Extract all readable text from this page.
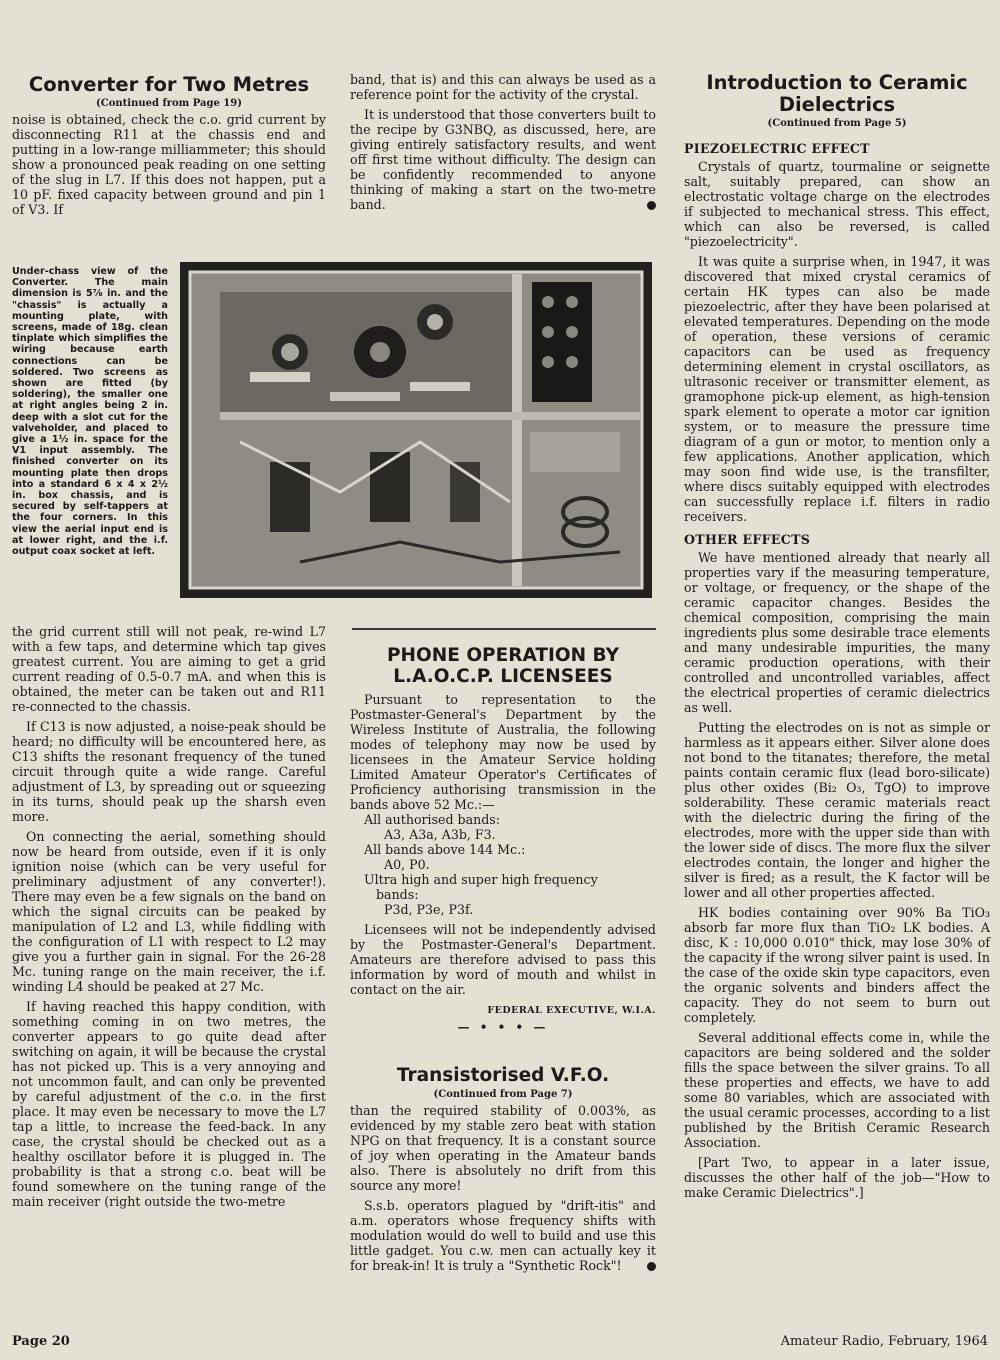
Converter for Two Metres

(Continued from Page 19)

noise is obtained, check the c.o. grid current by disconnecting R11 at the chassis end and putting in a low-range milliammeter; this should show a pronounced peak reading on one setting of the slug in L7. If this does not happen, put a 10 pF. fixed capacity between ground and pin 1 of V3. If

Under-chass view of the Converter. The main dimension is 5⅞ in. and the "chassis" is actually a mounting plate, with screens, made of 18g. clean tinplate which simplifies the wiring because earth connections can be soldered. Two screens as shown are fitted (by soldering), the smaller one at right angles being 2 in. deep with a slot cut for the valveholder, and placed to give a 1½ in. space for the V1 input assembly. The finished converter on its mounting plate then drops into a standard 6 x 4 x 2½ in. box chassis, and is secured by self-tappers at the four corners. In this view the aerial input end is at lower right, and the i.f. output coax socket at left.

the grid current still will not peak, re-wind L7 with a few taps, and determine which tap gives greatest current. You are aiming to get a grid current reading of 0.5-0.7 mA. and when this is obtained, the meter can be taken out and R11 re-connected to the chassis.

If C13 is now adjusted, a noise-peak should be heard; no difficulty will be encountered here, as C13 shifts the resonant frequency of the tuned circuit through quite a wide range. Careful adjustment of L3, by spreading out or squeezing in its turns, should peak up the sharsh even more.

On connecting the aerial, something should now be heard from outside, even if it is only ignition noise (which can be very useful for preliminary adjustment of any converter!). There may even be a few signals on the band on which the signal circuits can be peaked by manipulation of L2 and L3, while fiddling with the configuration of L1 with respect to L2 may give you a further gain in signal. For the 26-28 Mc. tuning range on the main receiver, the i.f. winding L4 should be peaked at 27 Mc.

If having reached this happy condition, with something coming in on two metres, the converter appears to go quite dead after switching on again, it will be because the crystal has not picked up. This is a very annoying and not uncommon fault, and can only be prevented by careful adjustment of the c.o. in the first place. It may even be necessary to move the L7 tap a little, to increase the feed-back. In any case, the crystal should be checked out as a healthy oscillator before it is plugged in. The probability is that a strong c.o. beat will be found somewhere on the tuning range of the main receiver (right outside the two-metre

band, that is) and this can always be used as a reference point for the activity of the crystal.

It is understood that those converters built to the recipe by G3NBQ, as discussed, here, are giving entirely satisfactory results, and went off first time without difficulty. The design can be confidently recommended to anyone thinking of making a start on the two-metre band.

PHONE OPERATION BY
L.A.O.C.P. LICENSEES

Pursuant to representation to the Postmaster-General's Department by the Wireless Institute of Australia, the following modes of telephony may now be used by licensees in the Amateur Service holding Limited Amateur Operator's Certificates of Proficiency authorising transmission in the bands above 52 Mc.:—

All authorised bands:

A3, A3a, A3b, F3.

All bands above 144 Mc.:

A0, P0.

Ultra high and super high frequency

bands:

P3d, P3e, P3f.

Licensees will not be independently advised by the Postmaster-General's Department. Amateurs are therefore advised to pass this information by word of mouth and whilst in contact on the air.

FEDERAL EXECUTIVE, W.I.A.

— • • • —

Transistorised V.F.O.

(Continued from Page 7)

than the required stability of 0.003%, as evidenced by my stable zero beat with station NPG on that frequency. It is a constant source of joy when operating in the Amateur bands also. There is absolutely no drift from this source any more!

S.s.b. operators plagued by "drift-itis" and a.m. operators whose frequency shifts with modulation would do well to build and use this little gadget. You c.w. men can actually key it for break-in! It is truly a "Synthetic Rock"!

Introduction to Ceramic
Dielectrics

(Continued from Page 5)

PIEZOELECTRIC EFFECT

Crystals of quartz, tourmaline or seignette salt, suitably prepared, can show an electrostatic voltage charge on the electrodes if subjected to mechanical stress. This effect, which can also be reversed, is called "piezoelectricity".

It was quite a surprise when, in 1947, it was discovered that mixed crystal ceramics of certain HK types can also be made piezoelectric, after they have been polarised at elevated temperatures. Depending on the mode of operation, these versions of ceramic capacitors can be used as frequency determining element in crystal oscillators, as ultrasonic receiver or transmitter element, as gramophone pick-up element, as high-tension spark element to operate a motor car ignition system, or to measure the pressure time diagram of a gun or motor, to mention only a few applications. Another application, which may soon find wide use, is the transfilter, where discs suitably equipped with electrodes can successfully replace i.f. filters in radio receivers.

OTHER EFFECTS

We have mentioned already that nearly all properties vary if the measuring temperature, or voltage, or frequency, or the shape of the ceramic capacitor changes. Besides the chemical composition, comprising the main ingredients plus some desirable trace elements and many undesirable impurities, the many ceramic production operations, with their controlled and uncontrolled variables, affect the electrical properties of ceramic dielectrics as well.

Putting the electrodes on is not as simple or harmless as it appears either. Silver alone does not bond to the titanates; therefore, the metal paints contain ceramic flux (lead boro-silicate) plus other oxides (Bi₂ O₃, TgO) to improve solderability. These ceramic materials react with the dielectric during the firing of the electrodes, more with the upper side than with the lower side of discs. The more flux the silver electrodes contain, the longer and higher the silver is fired; as a result, the K factor will be lower and all other properties affected.

HK bodies containing over 90% Ba TiO₃ absorb far more flux than TiO₂ LK bodies. A disc, K : 10,000 0.010" thick, may lose 30% of the capacity if the wrong silver paint is used. In the case of the oxide skin type capacitors, even the organic solvents and binders affect the capacity. They do not seem to burn out completely.

Several additional effects come in, while the capacitors are being soldered and the solder fills the space between the silver grains. To all these properties and effects, we have to add some 80 variables, which are associated with the usual ceramic processes, according to a list published by the British Ceramic Research Association.

[Part Two, to appear in a later issue, discusses the other half of the job—"How to make Ceramic Dielectrics".]

Page 20	Amateur Radio, February, 1964
